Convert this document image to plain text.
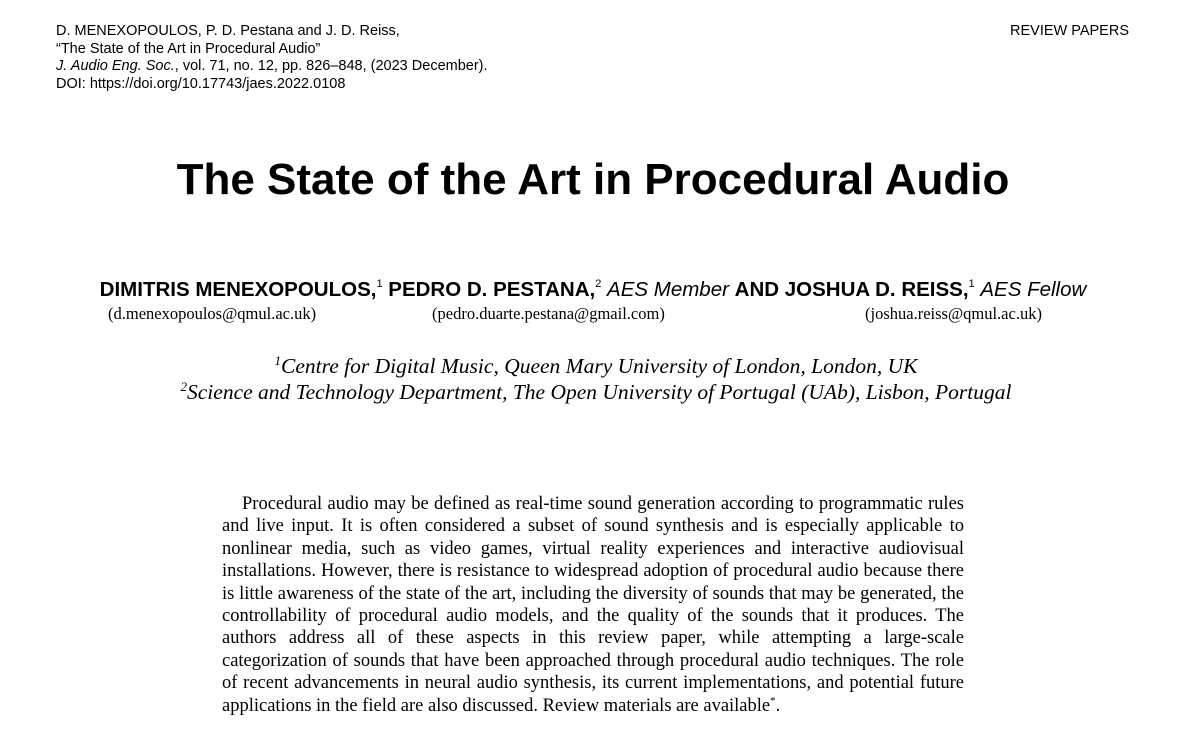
D. MENEXOPOULOS, P. D. Pestana and J. D. Reiss,
“The State of the Art in Procedural Audio”
J. Audio Eng. Soc., vol. 71, no. 12, pp. 826–848, (2023 December).
DOI: https://doi.org/10.17743/jaes.2022.0108
REVIEW PAPERS
The State of the Art in Procedural Audio
DIMITRIS MENEXOPOULOS,$^1$ PEDRO D. PESTANA,$^2$ AES Member AND JOSHUA D. REISS,$^1$ AES Fellow
(d.menexopoulos@qmul.ac.uk)	(pedro.duarte.pestana@gmail.com)	(joshua.reiss@qmul.ac.uk)
$^1$Centre for Digital Music, Queen Mary University of London, London, UK
$^2$Science and Technology Department, The Open University of Portugal (UAb), Lisbon, Portugal

Procedural audio may be defined as real-time sound generation according to programmatic rules and live input. It is often considered a subset of sound synthesis and is especially applicable to nonlinear media, such as video games, virtual reality experiences and interactive audiovisual installations. However, there is resistance to widespread adoption of procedural audio because there is little awareness of the state of the art, including the diversity of sounds that may be generated, the controllability of procedural audio models, and the quality of the sounds that it produces. The authors address all of these aspects in this review paper, while attempting a large-scale categorization of sounds that have been approached through procedural audio techniques. The role of recent advancements in neural audio synthesis, its current implementations, and potential future applications in the field are also discussed. Review materials are available*.
